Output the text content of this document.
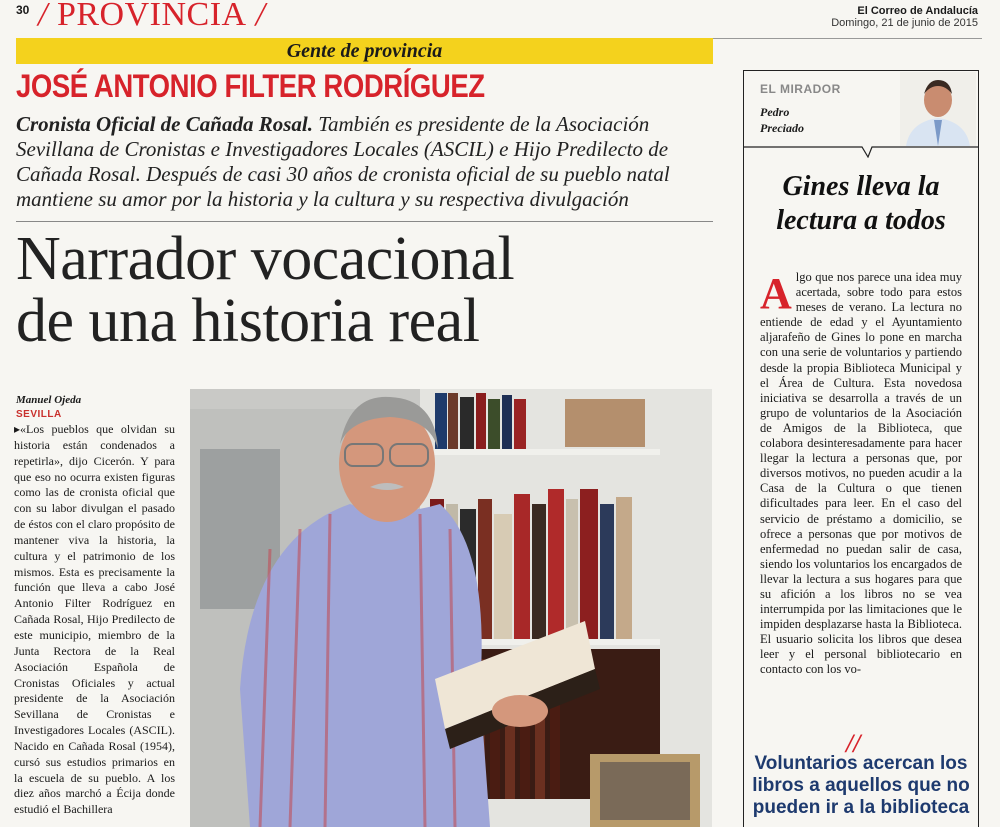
30 / PROVINCIA /	El Correo de Andalucía
Domingo, 21 de junio de 2015
Gente de provincia
JOSÉ ANTONIO FILTER RODRÍGUEZ
Cronista Oficial de Cañada Rosal. También es presidente de la Asociación Sevillana de Cronistas e Investigadores Locales (ASCIL) e Hijo Predilecto de Cañada Rosal. Después de casi 30 años de cronista oficial de su pueblo natal mantiene su amor por la historia y la cultura y su respectiva divulgación
Narrador vocacional
de una historia real
Manuel Ojeda
SEVILLA
▸«Los pueblos que olvidan su historia están condenados a repetirla», dijo Cicerón. Y para que eso no ocurra existen figuras como las de cronista oficial que con su labor divulgan el pasado de éstos con el claro propósito de mantener viva la historia, la cultura y el patrimonio de los mismos. Esta es precisamente la función que lleva a cabo José Antonio Filter Rodríguez en Cañada Rosal, Hijo Predilecto de este municipio, miembro de la Junta Rectora de la Real Asociación Española de Cronistas Oficiales y actual presidente de la Asociación Sevillana de Cronistas e Investigadores Locales (ASCIL). Nacido en Cañada Rosal (1954), cursó sus estudios primarios en la escuela de su pueblo. A los diez años marchó a Écija donde estudió el Bachillera
EL MIRADOR
Pedro Preciado
Gines lleva la lectura a todos
Algo que nos parece una idea muy acertada, sobre todo para estos meses de verano. La lectura no entiende de edad y el Ayuntamiento aljarafeño de Gines lo pone en marcha con una serie de voluntarios y partiendo desde la propia Biblioteca Municipal y el Área de Cultura. Esta novedosa iniciativa se desarrolla a través de un grupo de voluntarios de la Asociación de Amigos de la Biblioteca, que colabora desinteresadamente para hacer llegar la lectura a personas que, por diversos motivos, no pueden acudir a la Casa de la Cultura o que tienen dificultades para leer. En el caso del servicio de préstamo a domicilio, se ofrece a personas que por motivos de enfermedad no puedan salir de casa, siendo los voluntarios los encargados de llevar la lectura a sus hogares para que su afición a los libros no se vea interrumpida por las limitaciones que le impiden desplazarse hasta la Biblioteca. El usuario solicita los libros que desea leer y el personal bibliotecario en contacto con los vo-
//
Voluntarios acercan los libros a aquellos que no pueden ir a la biblioteca
